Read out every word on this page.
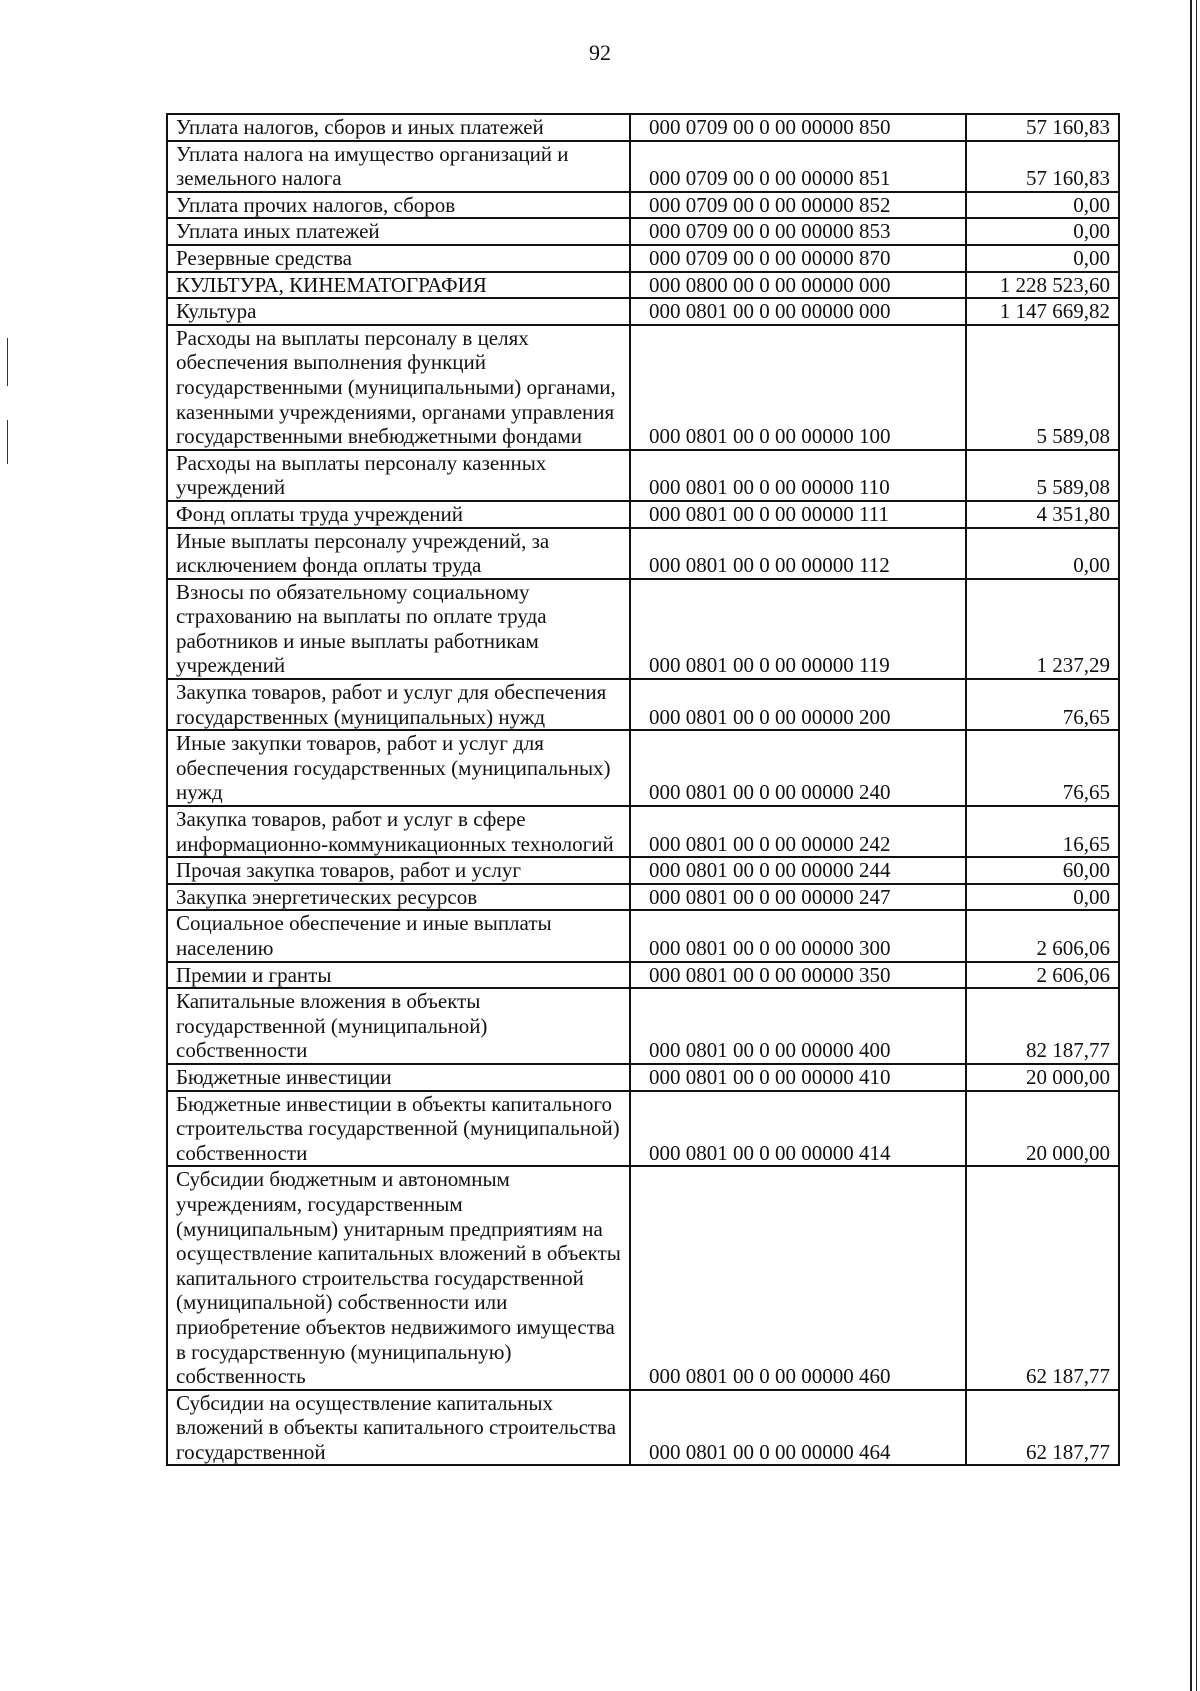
92
Уплата налогов, сборов и иных платежей	000 0709 00 0 00 00000 850	57 160,83
Уплата налога на имущество организаций и земельного налога	000 0709 00 0 00 00000 851	57 160,83
Уплата прочих налогов, сборов	000 0709 00 0 00 00000 852	0,00
Уплата иных платежей	000 0709 00 0 00 00000 853	0,00
Резервные средства	000 0709 00 0 00 00000 870	0,00
КУЛЬТУРА, КИНЕМАТОГРАФИЯ	000 0800 00 0 00 00000 000	1 228 523,60
Культура	000 0801 00 0 00 00000 000	1 147 669,82
Расходы на выплаты персоналу в целях обеспечения выполнения функций государственными (муниципальными) органами, казенными учреждениями, органами управления государственными внебюджетными фондами	000 0801 00 0 00 00000 100	5 589,08
Расходы на выплаты персоналу казенных учреждений	000 0801 00 0 00 00000 110	5 589,08
Фонд оплаты труда учреждений	000 0801 00 0 00 00000 111	4 351,80
Иные выплаты персоналу учреждений, за исключением фонда оплаты труда	000 0801 00 0 00 00000 112	0,00
Взносы по обязательному социальному страхованию на выплаты по оплате труда работников и иные выплаты работникам учреждений	000 0801 00 0 00 00000 119	1 237,29
Закупка товаров, работ и услуг для обеспечения государственных (муниципальных) нужд	000 0801 00 0 00 00000 200	76,65
Иные закупки товаров, работ и услуг для обеспечения государственных (муниципальных) нужд	000 0801 00 0 00 00000 240	76,65
Закупка товаров, работ и услуг в сфере информационно-коммуникационных технологий	000 0801 00 0 00 00000 242	16,65
Прочая закупка товаров, работ и услуг	000 0801 00 0 00 00000 244	60,00
Закупка энергетических ресурсов	000 0801 00 0 00 00000 247	0,00
Социальное обеспечение и иные выплаты населению	000 0801 00 0 00 00000 300	2 606,06
Премии и гранты	000 0801 00 0 00 00000 350	2 606,06
Капитальные вложения в объекты государственной (муниципальной) собственности	000 0801 00 0 00 00000 400	82 187,77
Бюджетные инвестиции	000 0801 00 0 00 00000 410	20 000,00
Бюджетные инвестиции в объекты капитального строительства государственной (муниципальной) собственности	000 0801 00 0 00 00000 414	20 000,00
Субсидии бюджетным и автономным учреждениям, государственным (муниципальным) унитарным предприятиям на осуществление капитальных вложений в объекты капитального строительства государственной (муниципальной) собственности или приобретение объектов недвижимого имущества в государственную (муниципальную) собственность	000 0801 00 0 00 00000 460	62 187,77
Субсидии на осуществление капитальных вложений в объекты капитального строительства государственной	000 0801 00 0 00 00000 464	62 187,77
